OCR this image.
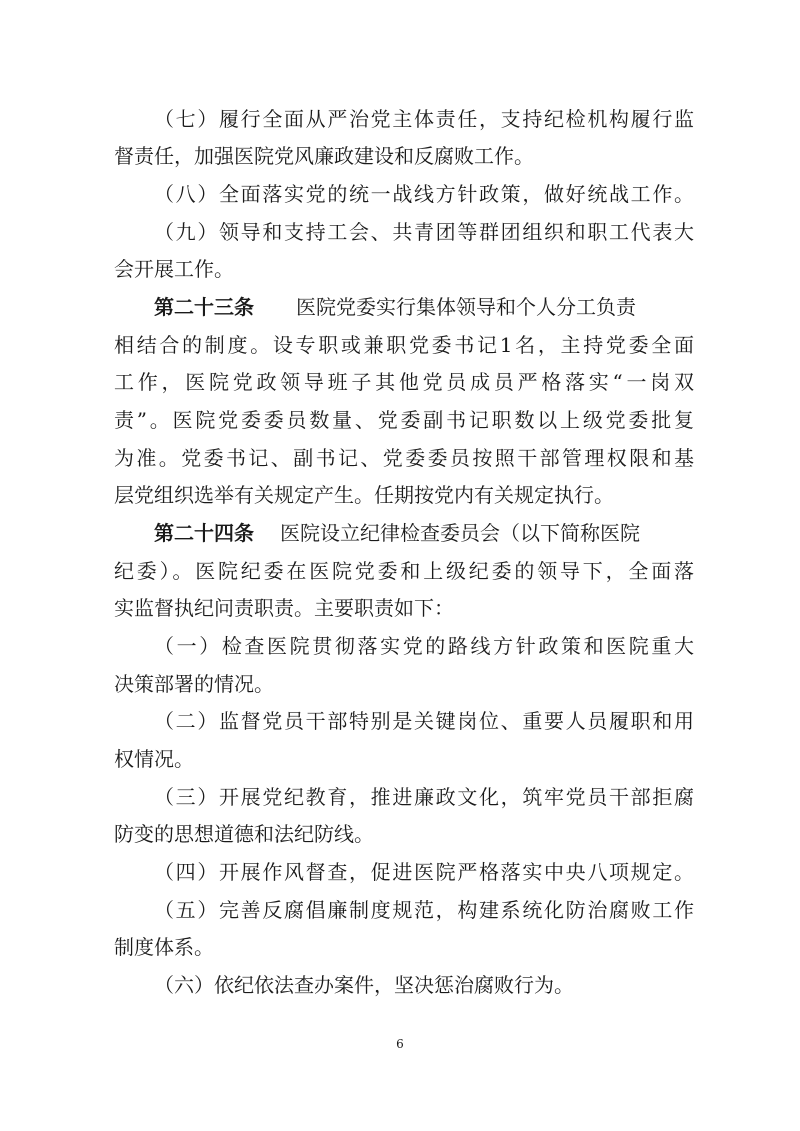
（七）履行全面从严治党主体责任，支持纪检机构履行监
督责任，加强医院党风廉政建设和反腐败工作。
（八）全面落实党的统一战线方针政策，做好统战工作。
（九）领导和支持工会、共青团等群团组织和职工代表大
会开展工作。
第二十三条 医院党委实行集体领导和个人分工负责
相结合的制度。设专职或兼职党委书记1名，主持党委全面
工作，医院党政领导班子其他党员成员严格落实“一岗双
责”。医院党委委员数量、党委副书记职数以上级党委批复
为准。党委书记、副书记、党委委员按照干部管理权限和基
层党组织选举有关规定产生。任期按党内有关规定执行。
第二十四条 医院设立纪律检查委员会（以下简称医院
纪委）。医院纪委在医院党委和上级纪委的领导下，全面落
实监督执纪问责职责。主要职责如下：
（一）检查医院贯彻落实党的路线方针政策和医院重大
决策部署的情况。
（二）监督党员干部特别是关键岗位、重要人员履职和用
权情况。
（三）开展党纪教育，推进廉政文化，筑牢党员干部拒腐
防变的思想道德和法纪防线。
（四）开展作风督查，促进医院严格落实中央八项规定。
（五）完善反腐倡廉制度规范，构建系统化防治腐败工作
制度体系。
（六）依纪依法查办案件，坚决惩治腐败行为。
6
